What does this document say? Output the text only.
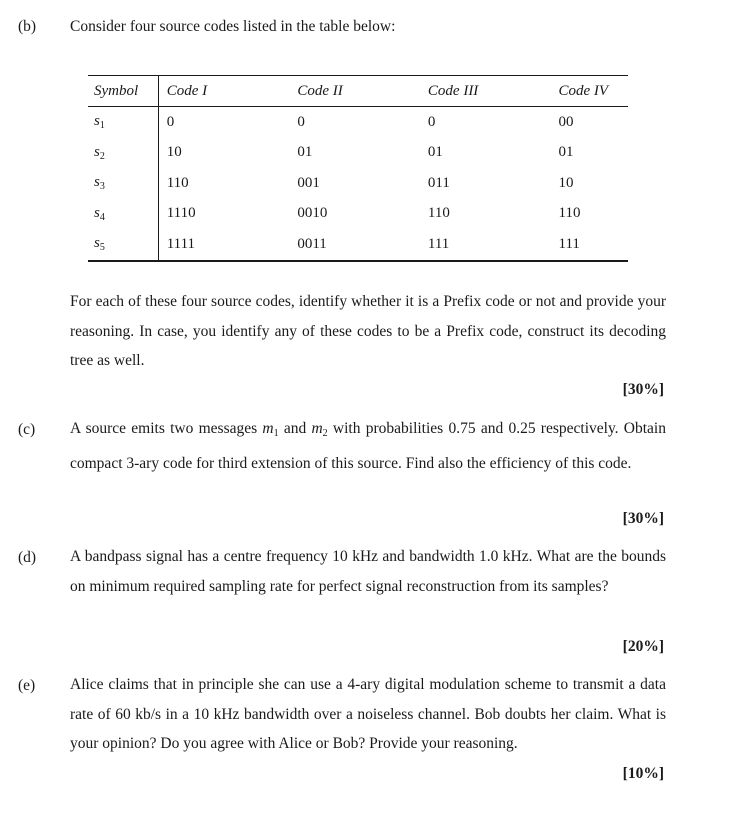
(b) Consider four source codes listed in the table below:
Symbol	Code I	Code II	Code III	Code IV
$s_1$	0	0	0	00
$s_2$	10	01	01	01
$s_3$	110	001	011	10
$s_4$	1110	0010	110	110
$s_5$	1111	0011	111	111
For each of these four source codes, identify whether it is a Prefix code or not and provide your reasoning. In case, you identify any of these codes to be a Prefix code, construct its decoding tree as well.
[30%]
(c) A source emits two messages $m_1$ and $m_2$ with probabilities 0.75 and 0.25 respectively. Obtain compact 3-ary code for third extension of this source. Find also the efficiency of this code.
[30%]
(d) A bandpass signal has a centre frequency 10 kHz and bandwidth 1.0 kHz. What are the bounds on minimum required sampling rate for perfect signal reconstruction from its samples?
[20%]
(e) Alice claims that in principle she can use a 4-ary digital modulation scheme to transmit a data rate of 60 kb/s in a 10 kHz bandwidth over a noiseless channel. Bob doubts her claim. What is your opinion? Do you agree with Alice or Bob? Provide your reasoning.
[10%]
